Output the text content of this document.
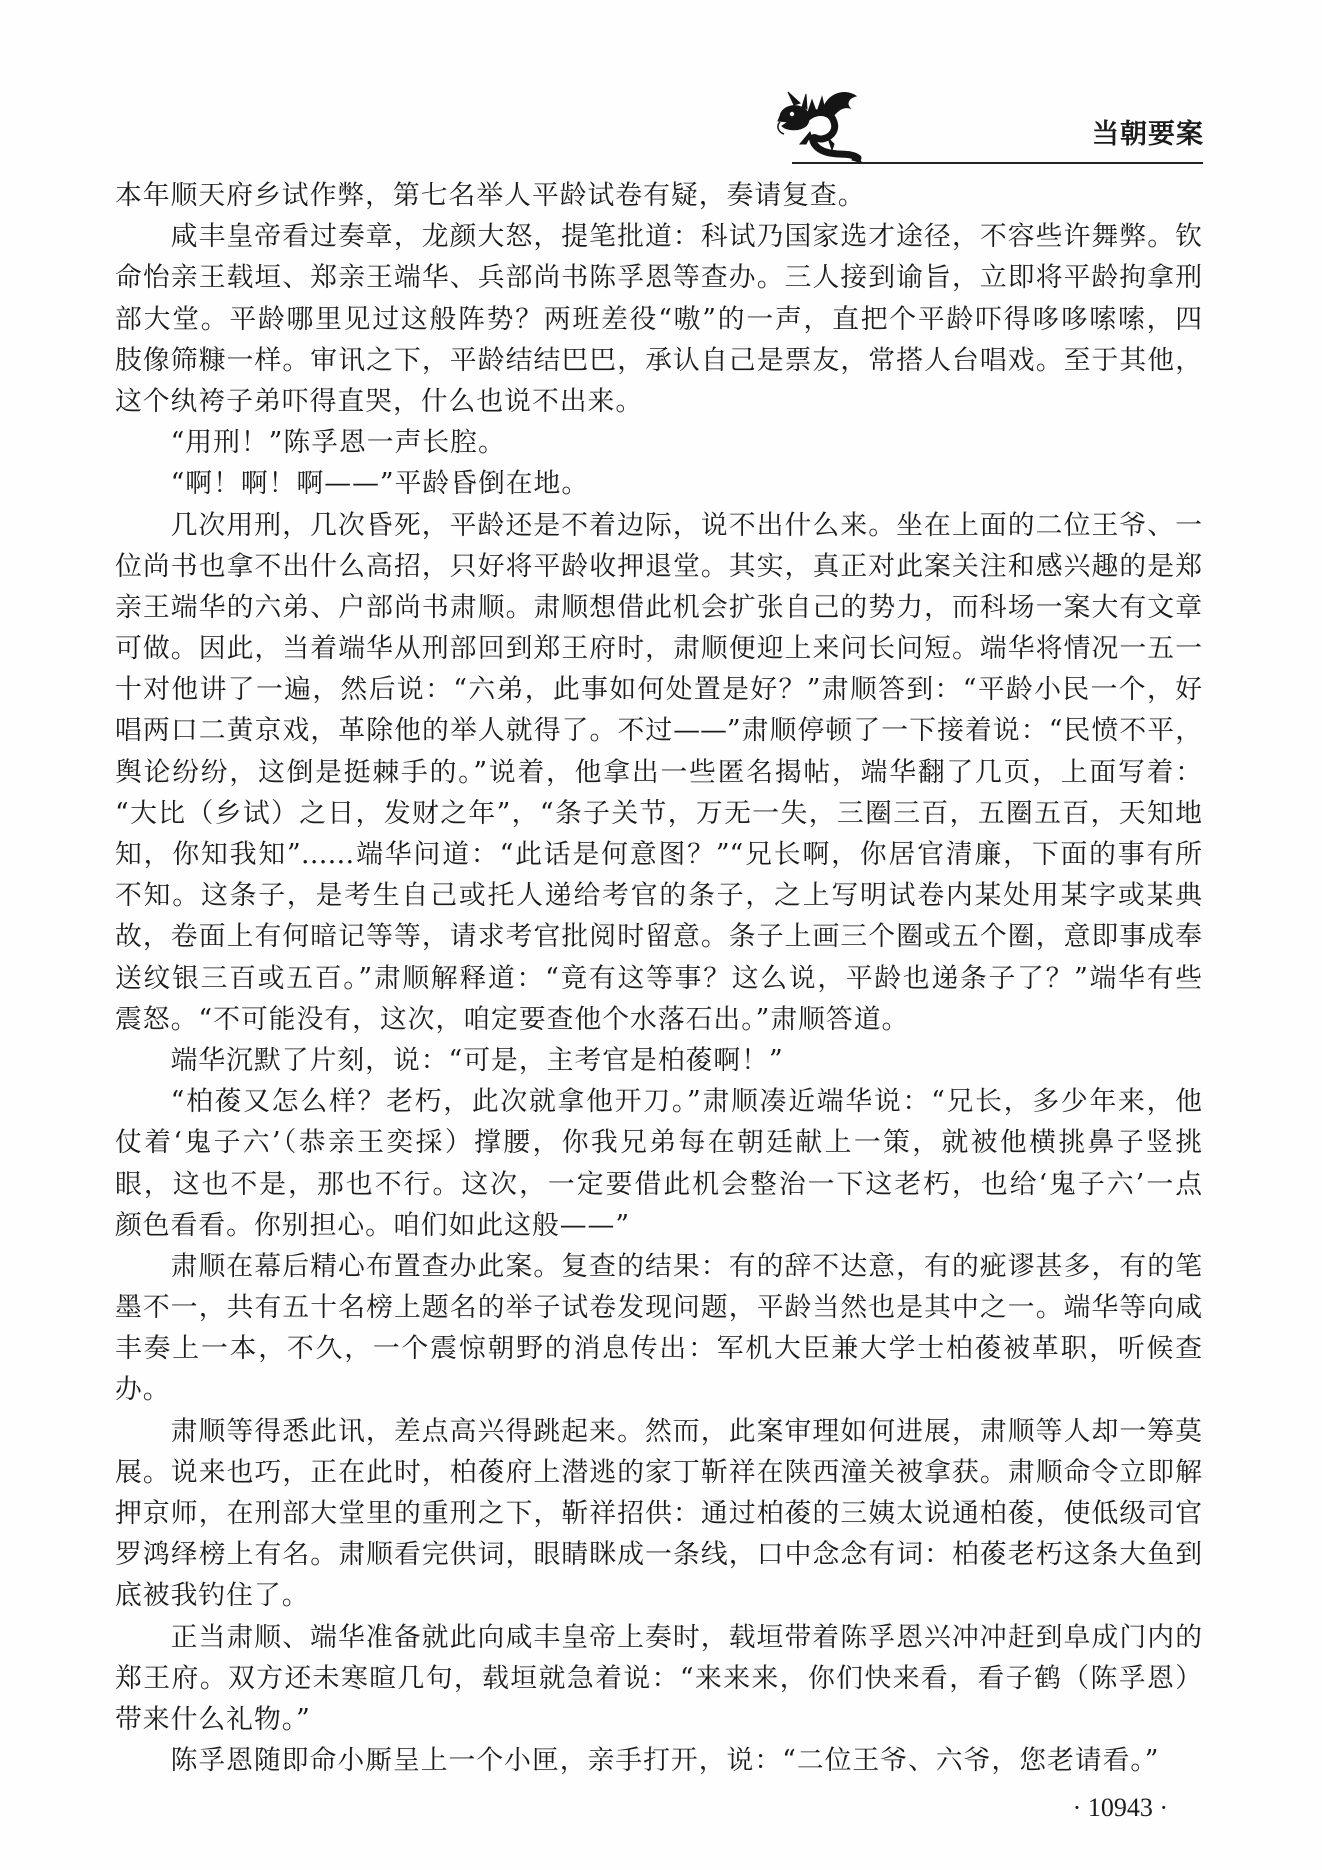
当朝要案
本年顺天府乡试作弊，第七名举人平龄试卷有疑，奏请复查。
咸丰皇帝看过奏章，龙颜大怒，提笔批道：科试乃国家选才途径，不容些许舞弊。钦
命怡亲王载垣、郑亲王端华、兵部尚书陈孚恩等查办。三人接到谕旨，立即将平龄拘拿刑
部大堂。平龄哪里见过这般阵势？两班差役“嗷”的一声，直把个平龄吓得哆哆嗦嗦，四
肢像筛糠一样。审讯之下，平龄结结巴巴，承认自己是票友，常搭人台唱戏。至于其他，
这个纨袴子弟吓得直哭，什么也说不出来。
“用刑！”陈孚恩一声长腔。
“啊！啊！啊——”平龄昏倒在地。
几次用刑，几次昏死，平龄还是不着边际，说不出什么来。坐在上面的二位王爷、一
位尚书也拿不出什么高招，只好将平龄收押退堂。其实，真正对此案关注和感兴趣的是郑
亲王端华的六弟、户部尚书肃顺。肃顺想借此机会扩张自己的势力，而科场一案大有文章
可做。因此，当着端华从刑部回到郑王府时，肃顺便迎上来问长问短。端华将情况一五一
十对他讲了一遍，然后说：“六弟，此事如何处置是好？”肃顺答到：“平龄小民一个，好
唱两口二黄京戏，革除他的举人就得了。不过——”肃顺停顿了一下接着说：“民愤不平，
舆论纷纷，这倒是挺棘手的。”说着，他拿出一些匿名揭帖，端华翻了几页，上面写着：
“大比（乡试）之日，发财之年”，“条子关节，万无一失，三圈三百，五圈五百，天知地
知，你知我知”……端华问道：“此话是何意图？”“兄长啊，你居官清廉，下面的事有所
不知。这条子，是考生自己或托人递给考官的条子，之上写明试卷内某处用某字或某典
故，卷面上有何暗记等等，请求考官批阅时留意。条子上画三个圈或五个圈，意即事成奉
送纹银三百或五百。”肃顺解释道：“竟有这等事？这么说，平龄也递条子了？”端华有些
震怒。“不可能没有，这次，咱定要查他个水落石出。”肃顺答道。
端华沉默了片刻，说：“可是，主考官是柏葰啊！”
“柏葰又怎么样？老朽，此次就拿他开刀。”肃顺凑近端华说：“兄长，多少年来，他
仗着‘鬼子六’（恭亲王奕採）撑腰，你我兄弟每在朝廷献上一策，就被他横挑鼻子竖挑
眼，这也不是，那也不行。这次，一定要借此机会整治一下这老朽，也给‘鬼子六’一点
颜色看看。你别担心。咱们如此这般——”
肃顺在幕后精心布置查办此案。复查的结果：有的辞不达意，有的疵谬甚多，有的笔
墨不一，共有五十名榜上题名的举子试卷发现问题，平龄当然也是其中之一。端华等向咸
丰奏上一本，不久，一个震惊朝野的消息传出：军机大臣兼大学士柏葰被革职，听候查
办。
肃顺等得悉此讯，差点高兴得跳起来。然而，此案审理如何进展，肃顺等人却一筹莫
展。说来也巧，正在此时，柏葰府上潜逃的家丁靳祥在陕西潼关被拿获。肃顺命令立即解
押京师，在刑部大堂里的重刑之下，靳祥招供：通过柏葰的三姨太说通柏葰，使低级司官
罗鸿绎榜上有名。肃顺看完供词，眼睛眯成一条线，口中念念有词：柏葰老朽这条大鱼到
底被我钓住了。
正当肃顺、端华准备就此向咸丰皇帝上奏时，载垣带着陈孚恩兴冲冲赶到阜成门内的
郑王府。双方还未寒暄几句，载垣就急着说：“来来来，你们快来看，看子鹤（陈孚恩）
带来什么礼物。”
陈孚恩随即命小厮呈上一个小匣，亲手打开，说：“二位王爷、六爷，您老请看。”
· 10943 ·
